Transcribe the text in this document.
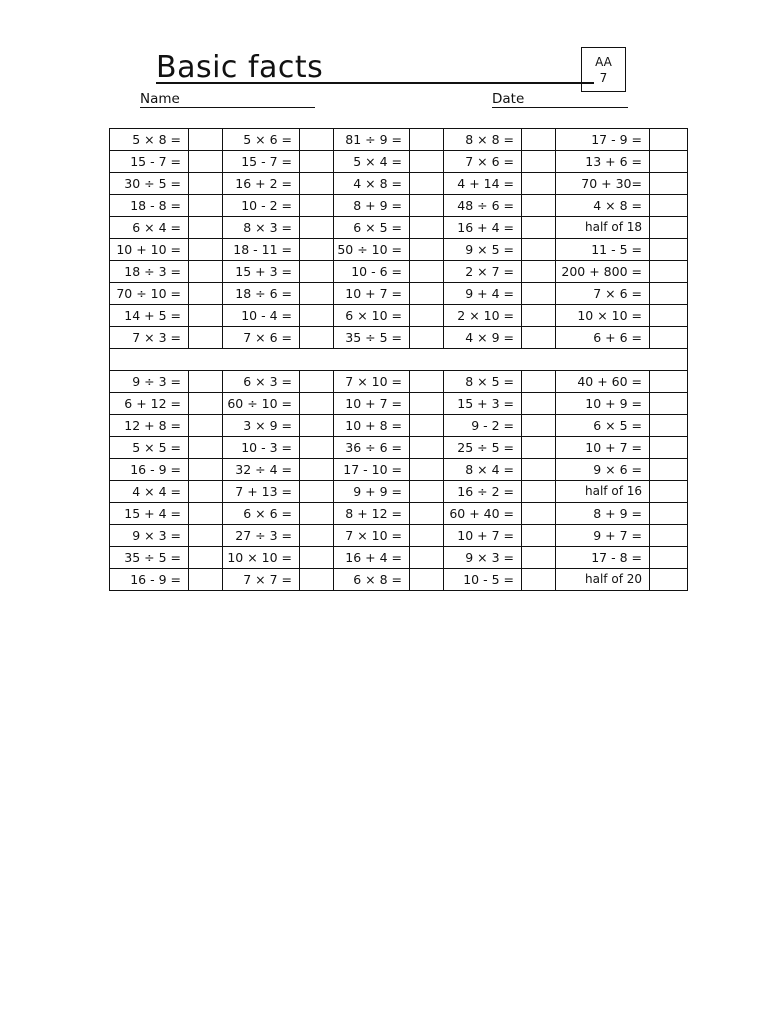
Basic facts	AA
7
Name	Date
5 × 8 =		5 × 6 =		81 ÷ 9 =		8 × 8 =		17 - 9 =	
15 - 7 =		15 - 7 =		5 × 4 =		7 × 6 =		13 + 6 =	
30 ÷ 5 =		16 + 2 =		4 × 8 =		4 + 14 =		70 + 30=	
18 - 8 =		10 - 2 =		8 + 9 =		48 ÷ 6 =		4 × 8 =	
6 × 4 =		8 × 3 =		6 × 5 =		16 + 4 =		half of 18	
10 + 10 =		18 - 11 =		50 ÷ 10 =		9 × 5 =		11 - 5 =	
18 ÷ 3 =		15 + 3 =		10 - 6 =		2 × 7 =		200 + 800 =	
70 ÷ 10 =		18 ÷ 6 =		10 + 7 =		9 + 4 =		7 × 6 =	
14 + 5 =		10 - 4 =		6 × 10 =		2 × 10 =		10 × 10 =	
7 × 3 =		7 × 6 =		35 ÷ 5 =		4 × 9 =		6 + 6 =	

9 ÷ 3 =		6 × 3 =		7 × 10 =		8 × 5 =		40 + 60 =	
6 + 12 =		60 ÷ 10 =		10 + 7 =		15 + 3 =		10 + 9 =	
12 + 8 =		3 × 9 =		10 + 8 =		9 - 2 =		6 × 5 =	
5 × 5 =		10 - 3 =		36 ÷ 6 =		25 ÷ 5 =		10 + 7 =	
16 - 9 =		32 ÷ 4 =		17 - 10 =		8 × 4 =		9 × 6 =	
4 × 4 =		7 + 13 =		9 + 9 =		16 ÷ 2 =		half of 16	
15 + 4 =		6 × 6 =		8 + 12 =		60 + 40 =		8 + 9 =	
9 × 3 =		27 ÷ 3 =		7 × 10 =		10 + 7 =		9 + 7 =	
35 ÷ 5 =		10 × 10 =		16 + 4 =		9 × 3 =		17 - 8 =	
16 - 9 =		7 × 7 =		6 × 8 =		10 - 5 =		half of 20	
